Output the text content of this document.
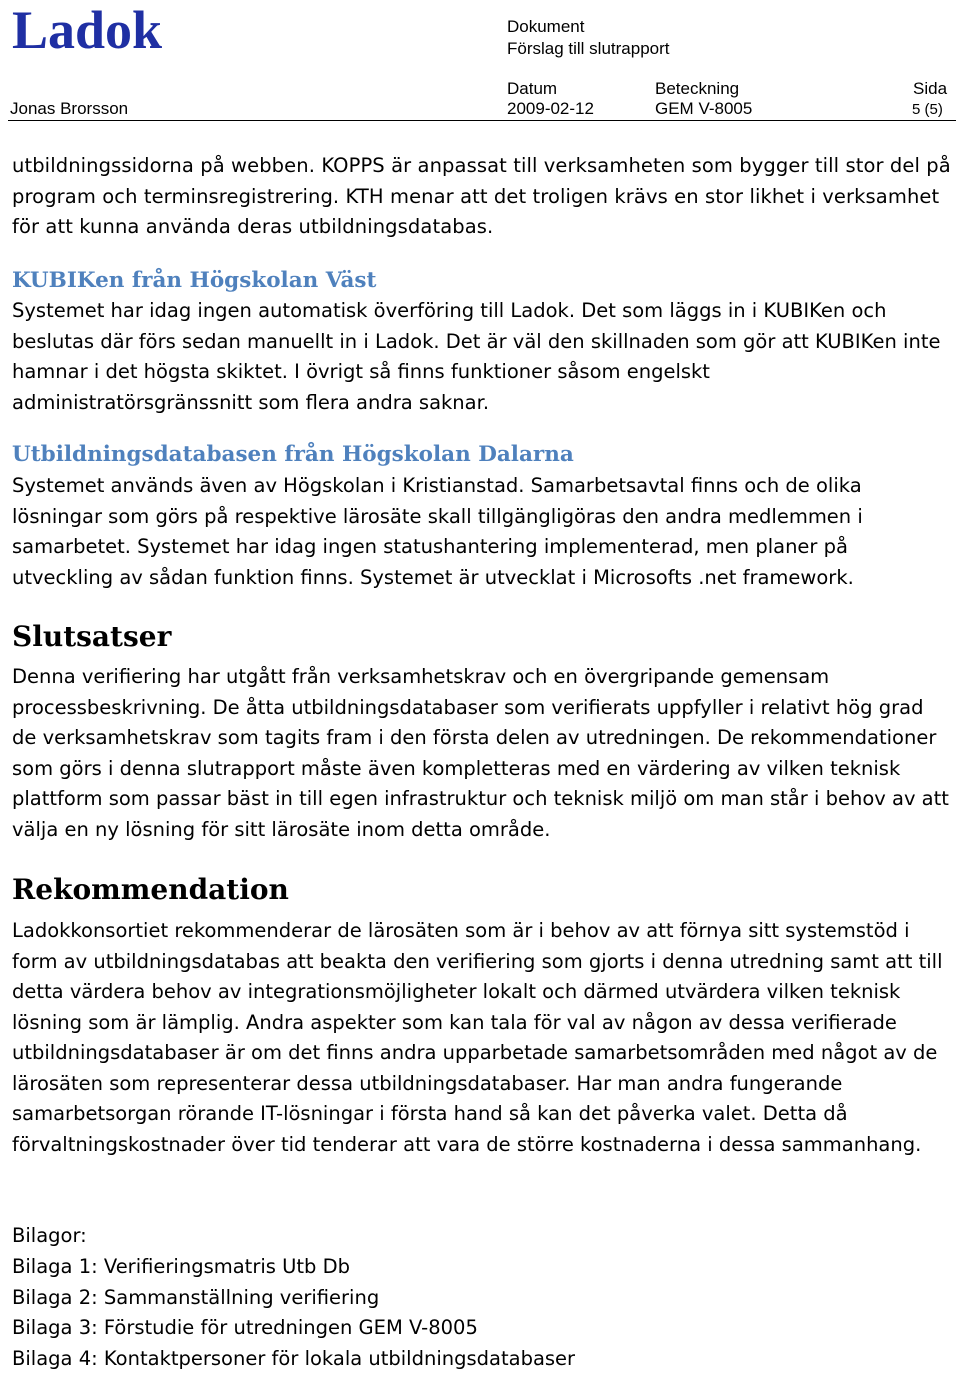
Ladok	Dokument
Förslag till slutrapport
Datum	Beteckning	Sida
Jonas Brorsson	2009-02-12	GEM V-8005	5 (5)

utbildningssidorna på webben. KOPPS är anpassat till verksamheten som bygger till stor del på program och terminsregistrering. KTH menar att det troligen krävs en stor likhet i verksamhet för att kunna använda deras utbildningsdatabas.

KUBIKen från Högskolan Väst

Systemet har idag ingen automatisk överföring till Ladok. Det som läggs in i KUBIKen och beslutas där förs sedan manuellt in i Ladok. Det är väl den skillnaden som gör att KUBIKen inte hamnar i det högsta skiktet. I övrigt så finns funktioner såsom engelskt administratörsgränssnitt som flera andra saknar.

Utbildningsdatabasen från Högskolan Dalarna

Systemet används även av Högskolan i Kristianstad. Samarbetsavtal finns och de olika lösningar som görs på respektive lärosäte skall tillgängligöras den andra medlemmen i samarbetet. Systemet har idag ingen statushantering implementerad, men planer på utveckling av sådan funktion finns. Systemet är utvecklat i Microsofts .net framework.

Slutsatser

Denna verifiering har utgått från verksamhetskrav och en övergripande gemensam processbeskrivning. De åtta utbildningsdatabaser som verifierats uppfyller i relativt hög grad de verksamhetskrav som tagits fram i den första delen av utredningen. De rekommendationer som görs i denna slutrapport måste även kompletteras med en värdering av vilken teknisk plattform som passar bäst in till egen infrastruktur och teknisk miljö om man står i behov av att välja en ny lösning för sitt lärosäte inom detta område.

Rekommendation

Ladokkonsortiet rekommenderar de lärosäten som är i behov av att förnya sitt systemstöd i form av utbildningsdatabas att beakta den verifiering som gjorts i denna utredning samt att till detta värdera behov av integrationsmöjligheter lokalt och därmed utvärdera vilken teknisk lösning som är lämplig. Andra aspekter som kan tala för val av någon av dessa verifierade utbildningsdatabaser är om det finns andra upparbetade samarbetsområden med något av de lärosäten som representerar dessa utbildningsdatabaser. Har man andra fungerande samarbetsorgan rörande IT-lösningar i första hand så kan det påverka valet. Detta då förvaltningskostnader över tid tenderar att vara de större kostnaderna i dessa sammanhang.

Bilagor:
Bilaga 1: Verifieringsmatris Utb Db
Bilaga 2: Sammanställning verifiering
Bilaga 3: Förstudie för utredningen GEM V-8005
Bilaga 4: Kontaktpersoner för lokala utbildningsdatabaser
